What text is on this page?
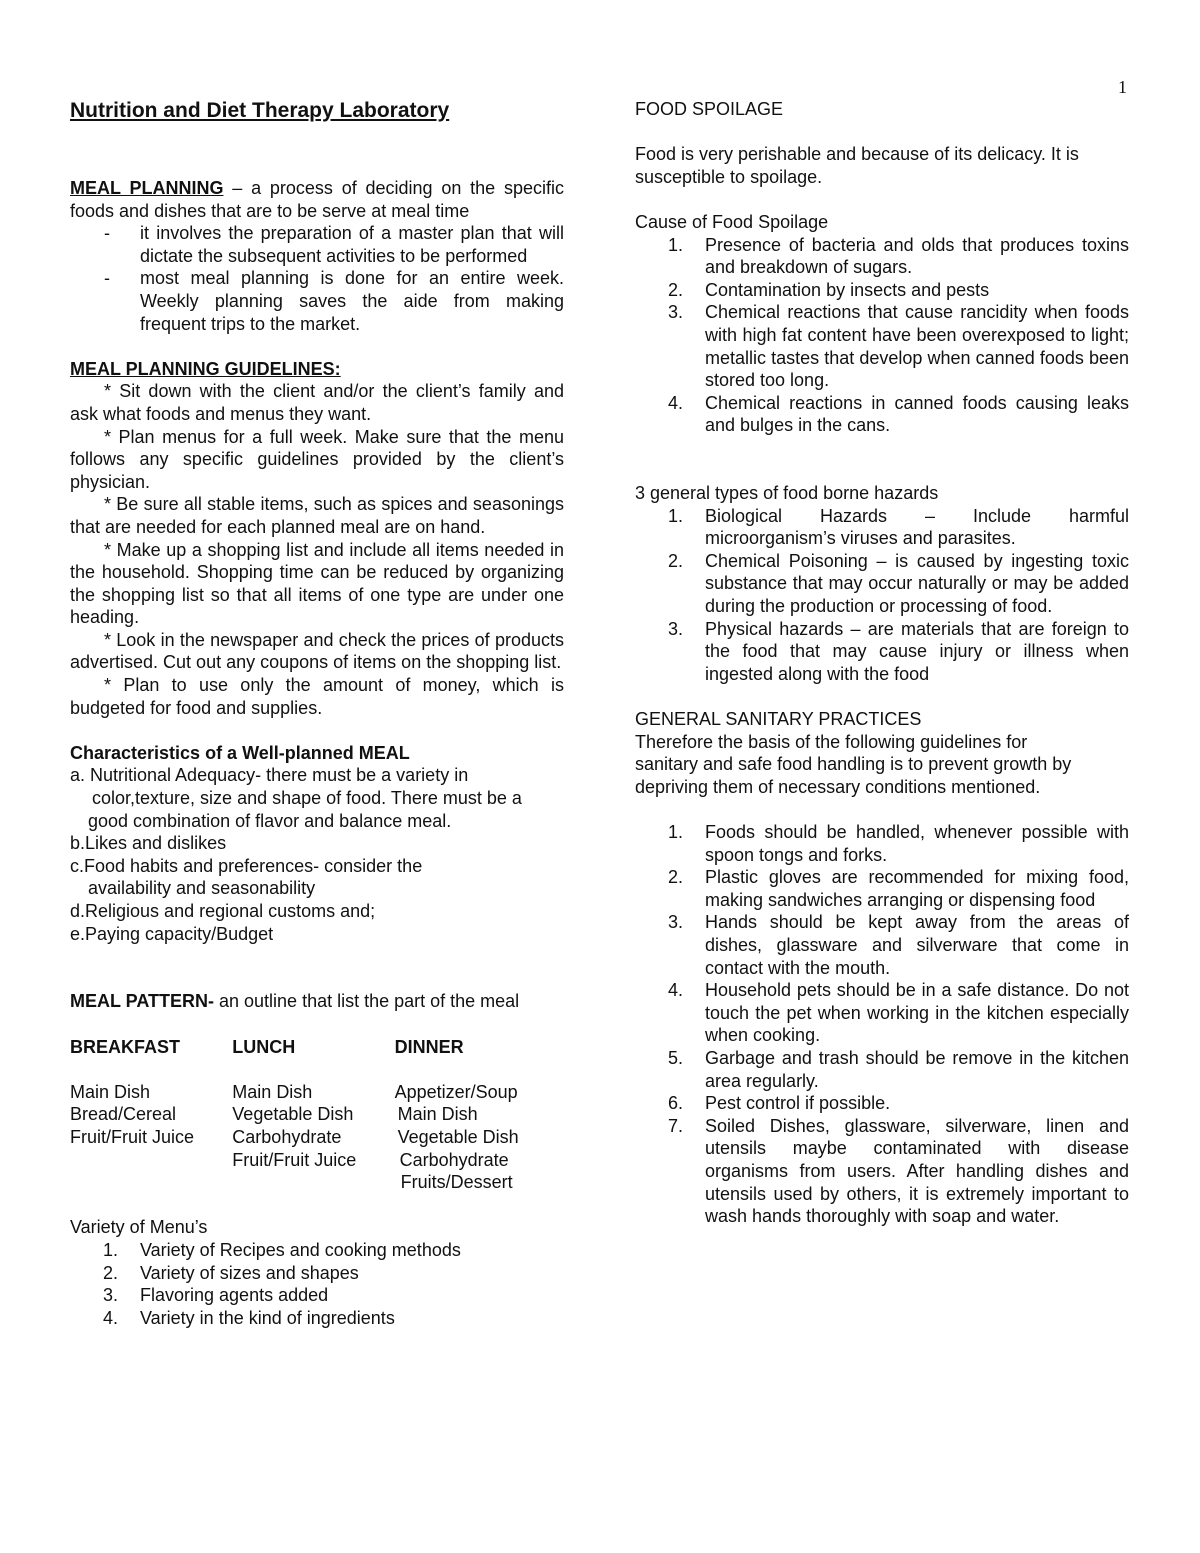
1
Nutrition and Diet Therapy Laboratory

MEAL PLANNING – a process of deciding on the specific foods and dishes that are to be serve at meal time

- it involves the preparation of a master plan that will dictate the subsequent activities to be performed
- most meal planning is done for an entire week. Weekly planning saves the aide from making frequent trips to the market.

MEAL PLANNING GUIDELINES:

* Sit down with the client and/or the client’s family and ask what foods and menus they want.

* Plan menus for a full week. Make sure that the menu follows any specific guidelines provided by the client’s physician.

* Be sure all stable items, such as spices and seasonings that are needed for each planned meal are on hand.

* Make up a shopping list and include all items needed in the household. Shopping time can be reduced by organizing the shopping list so that all items of one type are under one heading.

* Look in the newspaper and check the prices of products advertised. Cut out any coupons of items on the shopping list.

* Plan to use only the amount of money, which is budgeted for food and supplies.

Characteristics of a Well-planned MEAL

a. Nutritional Adequacy- there must be a variety in

color,texture, size and shape of food. There must be a

good combination of flavor and balance meal.

b.Likes and dislikes

c.Food habits and preferences- consider the

availability and seasonability

d.Religious and regional customs and;

e.Paying capacity/Budget

MEAL PATTERN- an outline that list the part of the meal

BREAKFAST	LUNCH	DINNER

Main Dish	Main Dish	Appetizer/Soup
Bread/Cereal	Vegetable Dish	Main Dish
Fruit/Fruit Juice	Carbohydrate	Vegetable Dish
	Fruit/Fruit Juice	Carbohydrate
		Fruits/Dessert

Variety of Menu’s

1. Variety of Recipes and cooking methods
2. Variety of sizes and shapes
3. Flavoring agents added
4. Variety in the kind of ingredients

FOOD SPOILAGE

Food is very perishable and because of its delicacy. It is susceptible to spoilage.

Cause of Food Spoilage

1. Presence of bacteria and olds that produces toxins and breakdown of sugars.
2. Contamination by insects and pests
3. Chemical reactions that cause rancidity when foods with high fat content have been overexposed to light; metallic tastes that develop when canned foods been stored too long.
4. Chemical reactions in canned foods causing leaks and bulges in the cans.

3 general types of food borne hazards

1. Biological Hazards – Include harmful microorganism’s viruses and parasites.
2. Chemical Poisoning – is caused by ingesting toxic substance that may occur naturally or may be added during the production or processing of food.
3. Physical hazards – are materials that are foreign to the food that may cause injury or illness when ingested along with the food

GENERAL SANITARY PRACTICES

Therefore the basis of the following guidelines for

sanitary and safe food handling is to prevent growth by

depriving them of necessary conditions mentioned.

1. Foods should be handled, whenever possible with spoon tongs and forks.
2. Plastic gloves are recommended for mixing food, making sandwiches arranging or dispensing food
3. Hands should be kept away from the areas of dishes, glassware and silverware that come in contact with the mouth.
4. Household pets should be in a safe distance. Do not touch the pet when working in the kitchen especially when cooking.
5. Garbage and trash should be remove in the kitchen area regularly.
6. Pest control if possible.
7. Soiled Dishes, glassware, silverware, linen and utensils maybe contaminated with disease organisms from users. After handling dishes and utensils used by others, it is extremely important to wash hands thoroughly with soap and water.
